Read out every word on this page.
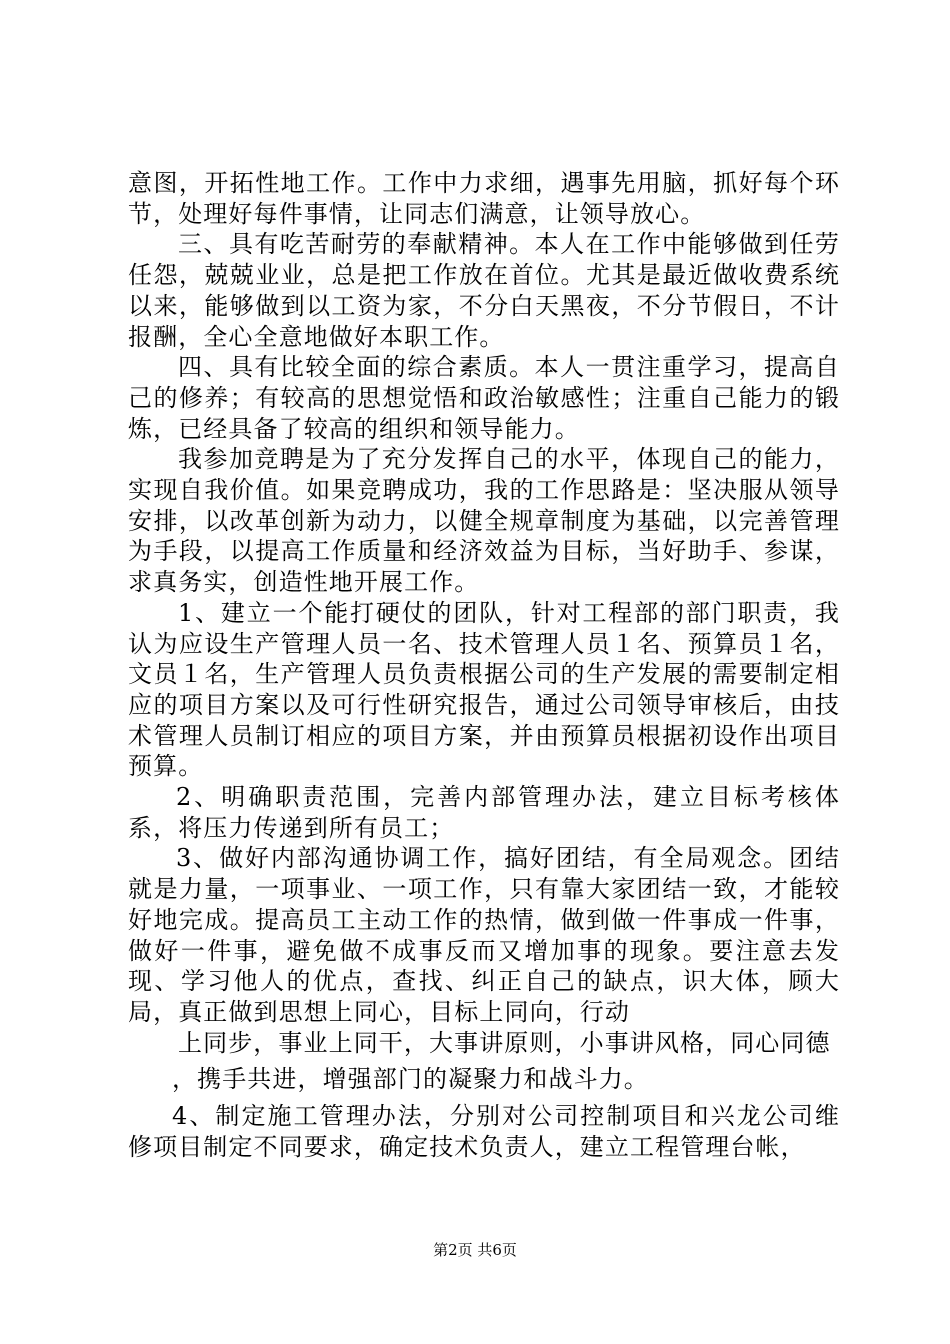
意图，开拓性地工作。工作中力求细，遇事先用脑，抓好每个环节，处理好每件事情，让同志们满意，让领导放心。

三、具有吃苦耐劳的奉献精神。本人在工作中能够做到任劳任怨，兢兢业业，总是把工作放在首位。尤其是最近做收费系统以来，能够做到以工资为家，不分白天黑夜，不分节假日，不计报酬，全心全意地做好本职工作。

四、具有比较全面的综合素质。本人一贯注重学习，提高自己的修养；有较高的思想觉悟和政治敏感性；注重自己能力的锻炼，已经具备了较高的组织和领导能力。

我参加竞聘是为了充分发挥自己的水平，体现自己的能力，实现自我价值。如果竞聘成功，我的工作思路是：坚决服从领导安排，以改革创新为动力，以健全规章制度为基础，以完善管理为手段，以提高工作质量和经济效益为目标，当好助手、参谋，求真务实，创造性地开展工作。

1、建立一个能打硬仗的团队，针对工程部的部门职责，我认为应设生产管理人员一名、技术管理人员１名、预算员１名，文员１名，生产管理人员负责根据公司的生产发展的需要制定相应的项目方案以及可行性研究报告，通过公司领导审核后，由技术管理人员制订相应的项目方案，并由预算员根据初设作出项目预算。

2、明确职责范围，完善内部管理办法，建立目标考核体系，将压力传递到所有员工；

3、做好内部沟通协调工作，搞好团结，有全局观念。团结就是力量，一项事业、一项工作，只有靠大家团结一致，才能较好地完成。提高员工主动工作的热情，做到做一件事成一件事，做好一件事，避免做不成事反而又增加事的现象。要注意去发现、学习他人的优点，查找、纠正自己的缺点，识大体，顾大局，真正做到思想上同心，目标上同向，行动

上同步，事业上同干，大事讲原则，小事讲风格，同心同德

，携手共进，增强部门的凝聚力和战斗力。

4、制定施工管理办法，分别对公司控制项目和兴龙公司维修项目制定不同要求，确定技术负责人，建立工程管理台帐，

第2页 共6页
